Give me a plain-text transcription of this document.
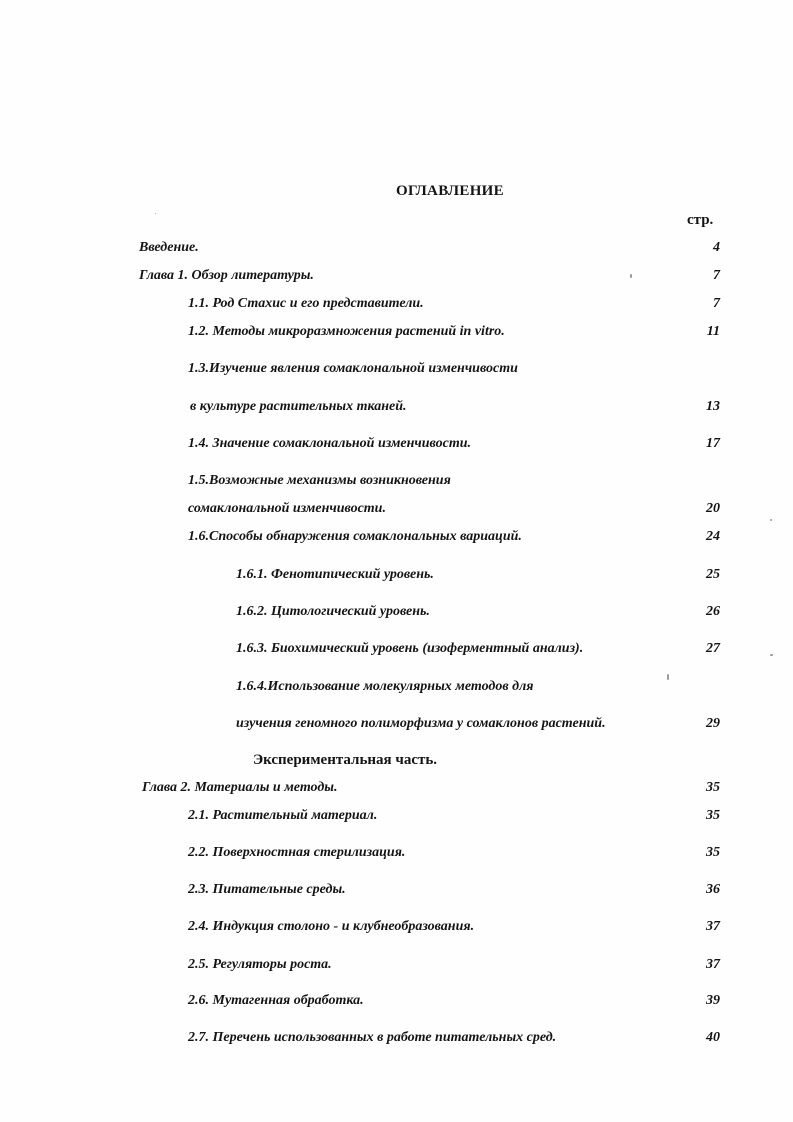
ОГЛАВЛЕНИЕ
стр.
Введение.	4
Глава 1. Обзор литературы.	7
1.1. Род Стахис и его представители.	7
1.2. Методы микроразмножения растений in vitro.	11
1.3.Изучение явления сомаклональной изменчивости
в культуре растительных тканей.	13
1.4. Значение сомаклональной изменчивости.	17
1.5.Возможные механизмы возникновения
сомаклональной изменчивости.	20
1.6.Способы обнаружения сомаклональных вариаций.	24
1.6.1. Фенотипический уровень.	25
1.6.2. Цитологический уровень.	26
1.6.3. Биохимический уровень (изоферментный анализ).	27
1.6.4.Использование молекулярных методов для
изучения геномного полиморфизма у сомаклонов растений.	29
Экспериментальная часть.
Глава 2. Материалы и методы.	35
2.1. Растительный материал.	35
2.2. Поверхностная стерилизация.	35
2.3. Питательные среды.	36
2.4. Индукция столоно - и клубнеобразования.	37
2.5. Регуляторы роста.	37
2.6. Мутагенная обработка.	39
2.7. Перечень использованных в работе питательных сред.	40
